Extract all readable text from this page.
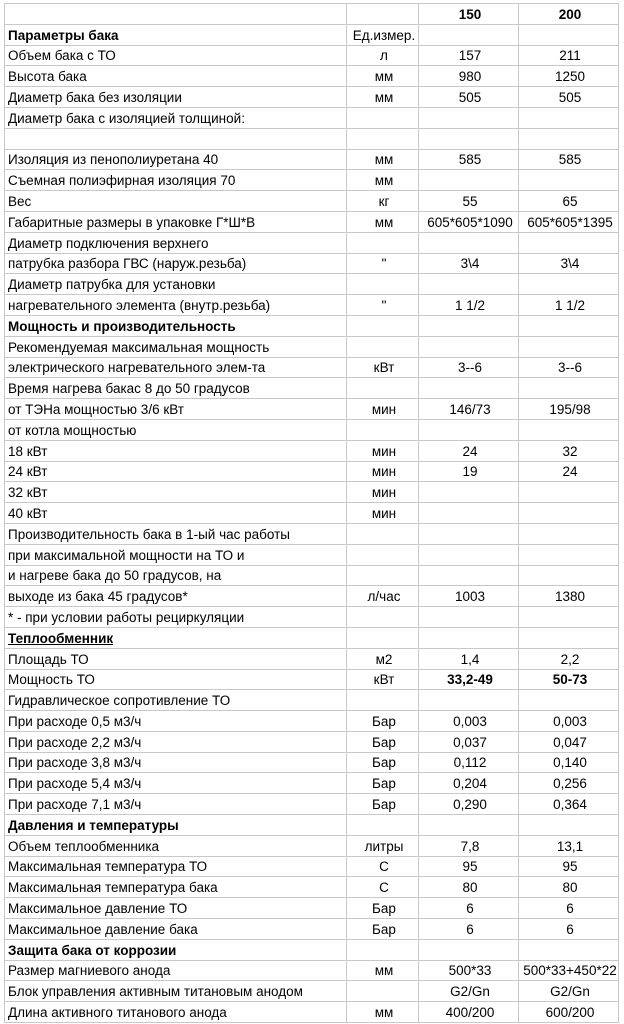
		150	200
Параметры бака	Ед.измер.		
Объем бака с ТО	л	157	211
Высота бака	мм	980	1250
Диаметр бака без изоляции	мм	505	505
Диаметр бака с изоляцией толщиной:			

Изоляция из пенополиуретана 40	мм	585	585
Съемная полиэфирная изоляция 70	мм		
Вес	кг	55	65
Габаритные размеры в упаковке Г*Ш*В	мм	605*605*1090	605*605*1395
Диаметр подключения верхнего			
патрубка разбора ГВС (наруж.резьба)	"	3\4	3\4
Диаметр патрубка для установки			
нагревательного элемента (внутр.резьба)	"	1 1/2	1 1/2
Мощность и производительность			
Рекомендуемая максимальная мощность			
электрического нагревательного элем-та	кВт	3--6	3--6
Время нагрева бакас 8 до 50 градусов			
от ТЭНа мощностью 3/6 кВт	мин	146/73	195/98
от котла мощностью			
18 кВт	мин	24	32
24 кВт	мин	19	24
32 кВт	мин		
40 кВт	мин		
Производительность бака в 1-ый час работы			
при максимальной мощности на ТО и			
и нагреве бака до 50 градусов, на			
выходе из бака 45 градусов*	л/час	1003	1380
* - при условии работы рециркуляции			
Теплообменник			
Площадь ТО	м2	1,4	2,2
Мощность ТО	кВт	33,2-49	50-73
Гидравлическое сопротивление ТО			
При расходе 0,5 м3/ч	Бар	0,003	0,003
При расходе 2,2 м3/ч	Бар	0,037	0,047
При расходе 3,8 м3/ч	Бар	0,112	0,140
При расходе 5,4 м3/ч	Бар	0,204	0,256
При расходе 7,1 м3/ч	Бар	0,290	0,364
Давления и температуры			
Объем теплообменника	литры	7,8	13,1
Максимальная температура ТО	С	95	95
Максимальная температура бака	С	80	80
Максимальное давление ТО	Бар	6	6
Максимальное давление бака	Бар	6	6
Защита бака от коррозии			
Размер магниевого анода	мм	500*33	500*33+450*22
Блок управления активным титановым анодом		G2/Gn	G2/Gn
Длина активного титанового анода	мм	400/200	600/200
